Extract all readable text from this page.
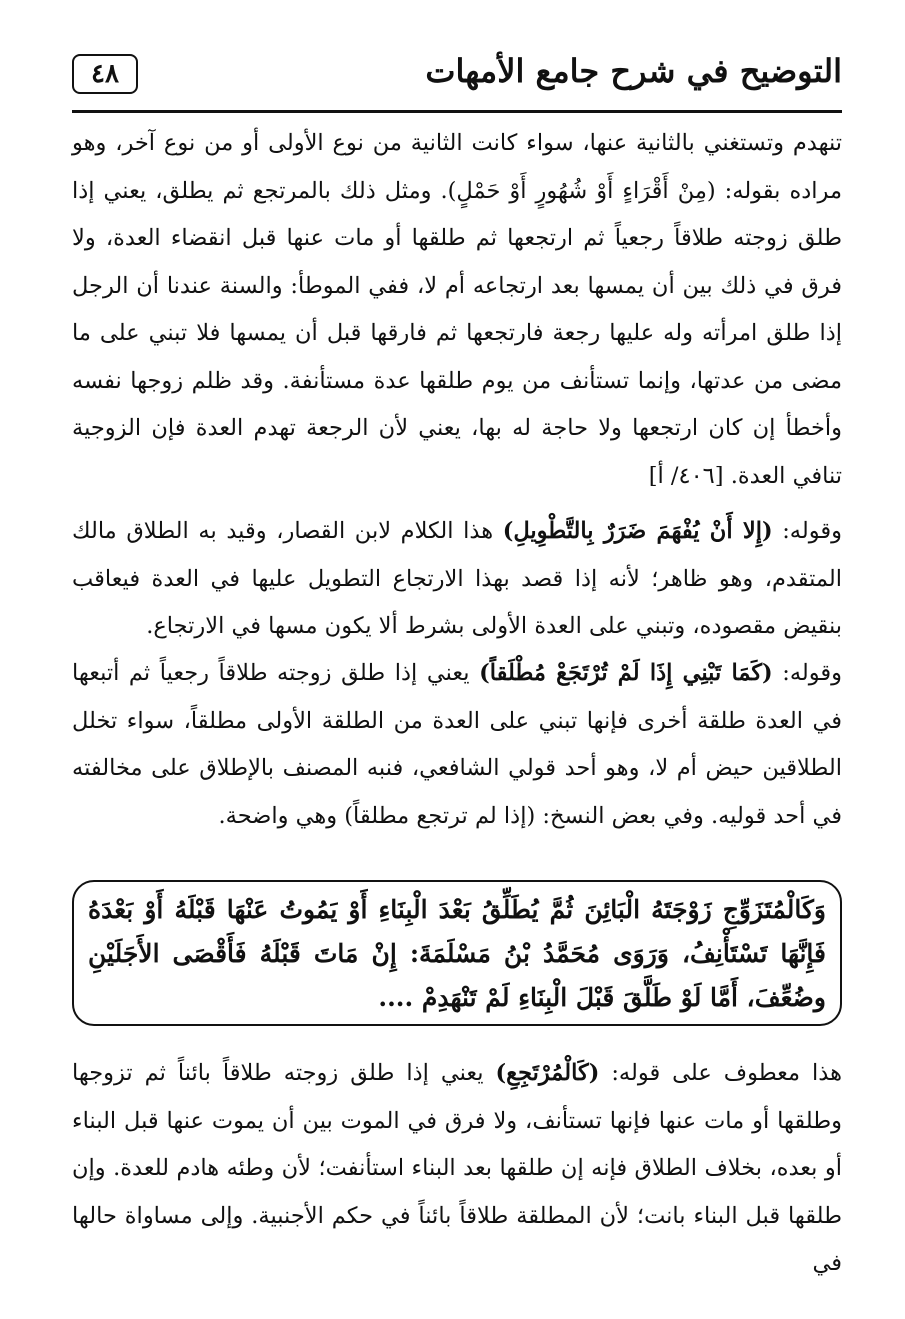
٤٨	التوضيح في شرح جامع الأمهات

تنهدم وتستغني بالثانية عنها، سواء كانت الثانية من نوع الأولى أو من نوع آخر، وهو مراده بقوله: (مِنْ أَقْرَاءٍ أَوْ شُهُورٍ أَوْ حَمْلٍ). ومثل ذلك بالمرتجع ثم يطلق، يعني إذا طلق زوجته طلاقاً رجعياً ثم ارتجعها ثم طلقها أو مات عنها قبل انقضاء العدة، ولا فرق في ذلك بين أن يمسها بعد ارتجاعه أم لا، ففي الموطأ: والسنة عندنا أن الرجل إذا طلق امرأته وله عليها رجعة فارتجعها ثم فارقها قبل أن يمسها فلا تبني على ما مضى من عدتها، وإنما تستأنف من يوم طلقها عدة مستأنفة. وقد ظلم زوجها نفسه وأخطأ إن كان ارتجعها ولا حاجة له بها، يعني لأن الرجعة تهدم العدة فإن الزوجية تنافي العدة. [٤٠٦/ أ]

وقوله: (إِلا أَنْ يُفْهَمَ ضَرَرٌ بِالتَّطْوِيلِ) هذا الكلام لابن القصار، وقيد به الطلاق مالك المتقدم، وهو ظاهر؛ لأنه إذا قصد بهذا الارتجاع التطويل عليها في العدة فيعاقب بنقيض مقصوده، وتبني على العدة الأولى بشرط ألا يكون مسها في الارتجاع.

وقوله: (كَمَا تَبْنِي إِذَا لَمْ تُرْتَجَعْ مُطْلَقاً) يعني إذا طلق زوجته طلاقاً رجعياً ثم أتبعها في العدة طلقة أخرى فإنها تبني على العدة من الطلقة الأولى مطلقاً، سواء تخلل الطلاقين حيض أم لا، وهو أحد قولي الشافعي، فنبه المصنف بالإطلاق على مخالفته في أحد قوليه. وفي بعض النسخ: (إذا لم ترتجع مطلقاً) وهي واضحة.

وَكَالْمُتَزَوِّجِ زَوْجَتَهُ الْبَائِنَ ثُمَّ يُطَلِّقُ بَعْدَ الْبِنَاءِ أَوْ يَمُوتُ عَنْهَا قَبْلَهُ أَوْ بَعْدَهُ فَإِنَّهَا تَسْتَأْنِفُ، وَرَوَى مُحَمَّدُ بْنُ مَسْلَمَةَ: إِنْ مَاتَ قَبْلَهُ فَأَقْصَى الأَجَلَيْنِ وضُعِّفَ، أَمَّا لَوْ طَلَّقَ قَبْلَ الْبِنَاءِ لَمْ تَنْهَدِمْ ....

هذا معطوف على قوله: (كَالْمُرْتَجِعِ) يعني إذا طلق زوجته طلاقاً بائناً ثم تزوجها وطلقها أو مات عنها فإنها تستأنف، ولا فرق في الموت بين أن يموت عنها قبل البناء أو بعده، بخلاف الطلاق فإنه إن طلقها بعد البناء استأنفت؛ لأن وطئه هادم للعدة. وإن طلقها قبل البناء بانت؛ لأن المطلقة طلاقاً بائناً في حكم الأجنبية. وإلى مساواة حالها في
